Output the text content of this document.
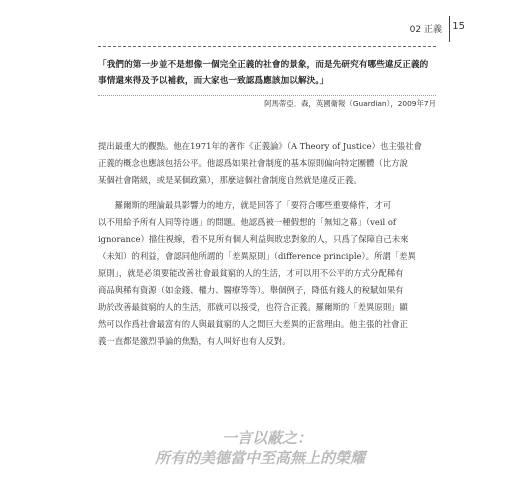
02 正義 15
「我們的第一步並不是想像一個完全正義的社會的景象，而是先研究有哪些違反正義的
事情還來得及予以補救，而大家也一致認爲應該加以解決。」
阿馬蒂亞．森，英國衛報（Guardian），2009年7月

提出最重大的觀點。他在1971年的著作《正義論》（A Theory of Justice）也主張社會
正義的概念也應該包括公平。他認爲如果社會制度的基本原則偏向特定團體（比方說
某個社會階級，或是某個政黨），那麼這個社會制度自然就是違反正義。

　　羅爾斯的理論最具影響力的地方，就是回答了「要符合哪些重要條件，才可
以不用給予所有人同等待遇」的問題。他認爲被一種假想的「無知之幕」（veil of
ignorance）擋住視線，看不見所有個人利益與敗忠對象的人，只爲了保障自己未來
（未知）的利益，會認同他所謂的「差異原則」（difference principle）。所謂「差異
原則」，就是必須要能改善社會最貧窮的人的生活，才可以用不公平的方式分配稀有
商品與稀有資源（如金錢、權力、醫療等等）。舉個例子，降低有錢人的稅賦如果有
助於改善最貧窮的人的生活，那就可以接受，也符合正義。羅爾斯的「差異原則」顯
然可以作爲社會最富有的人與最貧窮的人之間巨大差異的正當理由。他主張的社會正
義一直都是激烈爭論的焦點，有人叫好也有人反對。

一言以蔽之：
所有的美德當中至高無上的榮耀
